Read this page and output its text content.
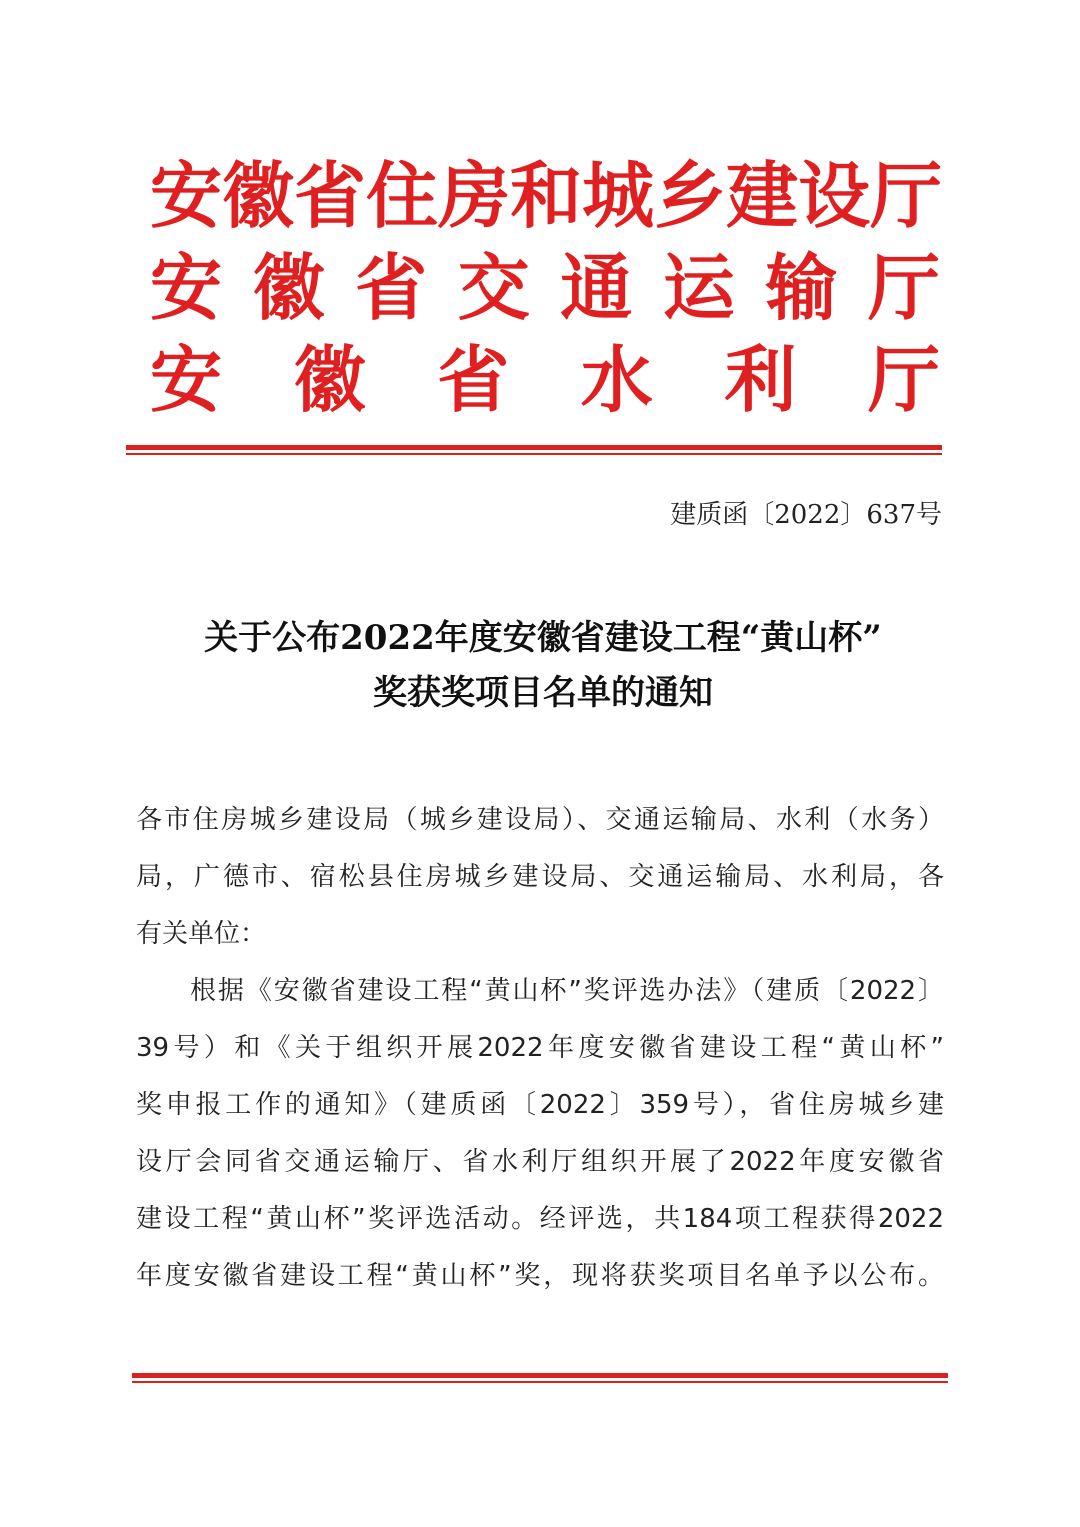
安 徽 省 住 房 和 城 乡 建 设 厅
安 徽 省 交 通 运 输 厅
安 徽 省 水 利 厅
建质函〔2022〕637号
关于公布2022年度安徽省建设工程“黄山杯”
奖获奖项目名单的通知
各市住房城乡建设局（城乡建设局）、交通运输局、水利（水务）
局，广德市、宿松县住房城乡建设局、交通运输局、水利局，各
有关单位：
根据《安徽省建设工程“黄山杯”奖评选办法》（建质〔2022〕
39号）和《关于组织开展2022年度安徽省建设工程“黄山杯”
奖申报工作的通知》（建质函〔2022〕359号），省住房城乡建
设厅会同省交通运输厅、省水利厅组织开展了2022年度安徽省
建设工程“黄山杯”奖评选活动。经评选，共184项工程获得2022
年度安徽省建设工程“黄山杯”奖，现将获奖项目名单予以公布。
